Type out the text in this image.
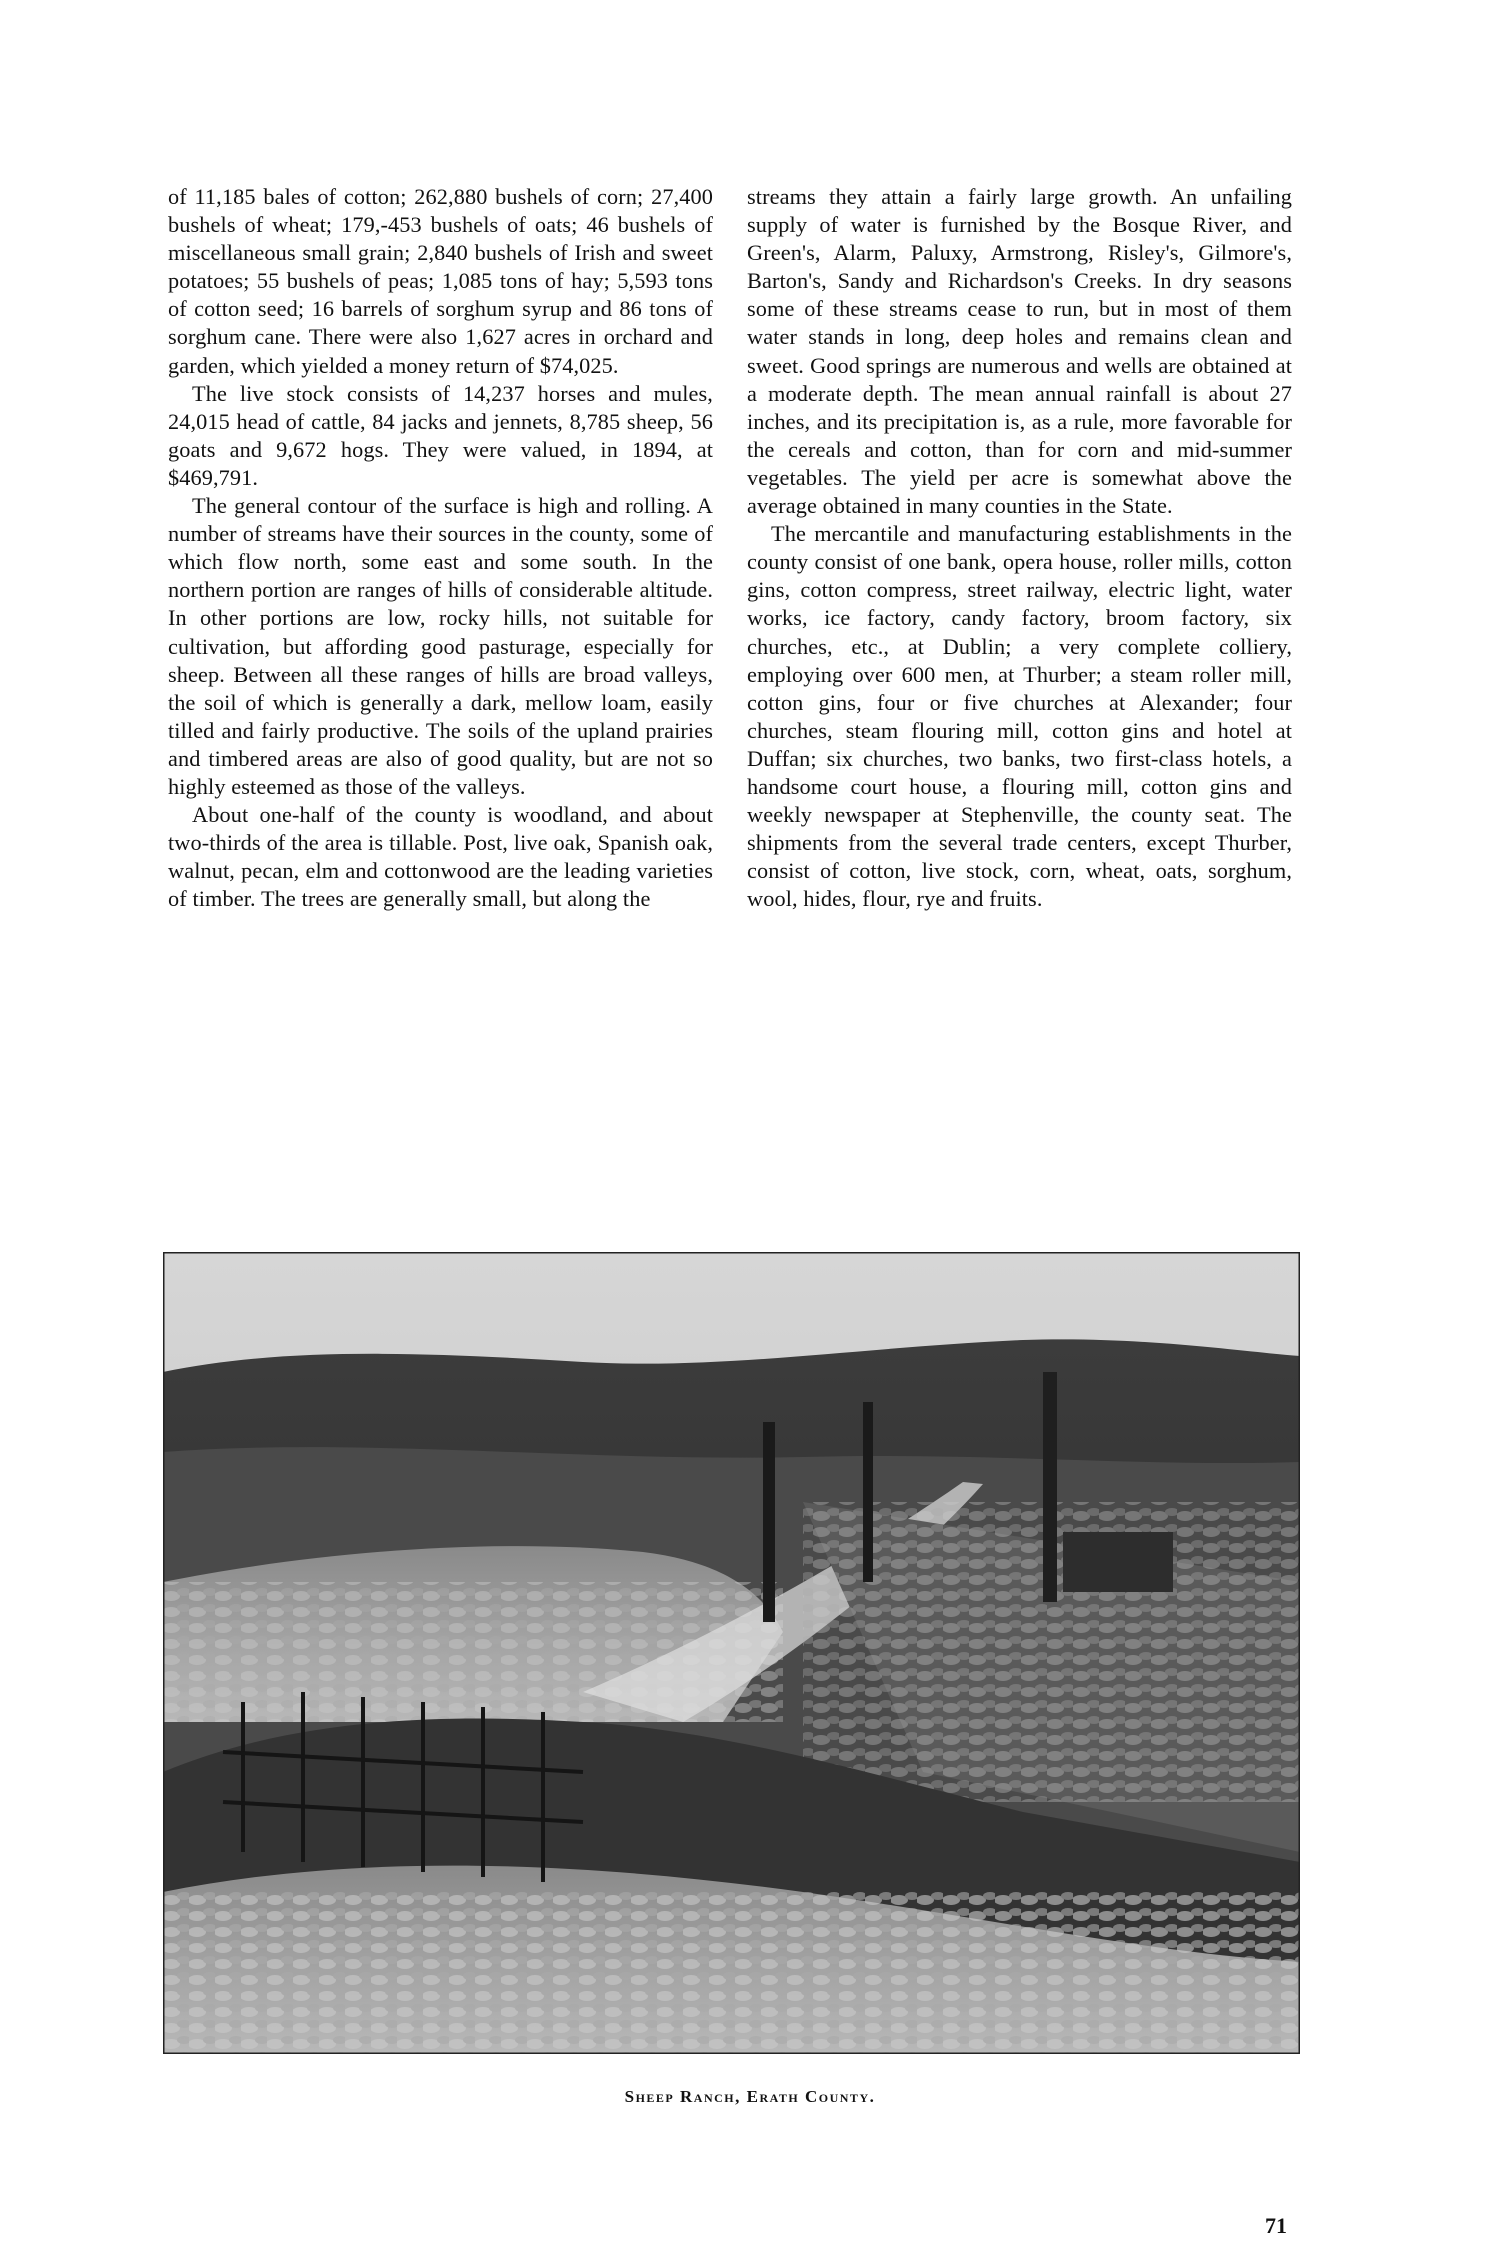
of 11,185 bales of cotton; 262,880 bushels of corn; 27,400 bushels of wheat; 179,-453 bushels of oats; 46 bushels of miscellaneous small grain; 2,840 bushels of Irish and sweet potatoes; 55 bushels of peas; 1,085 tons of hay; 5,593 tons of cotton seed; 16 barrels of sorghum syrup and 86 tons of sorghum cane. There were also 1,627 acres in orchard and garden, which yielded a money return of $74,025.

The live stock consists of 14,237 horses and mules, 24,015 head of cattle, 84 jacks and jennets, 8,785 sheep, 56 goats and 9,672 hogs. They were valued, in 1894, at $469,791.

The general contour of the surface is high and rolling. A number of streams have their sources in the county, some of which flow north, some east and some south. In the northern portion are ranges of hills of considerable altitude. In other portions are low, rocky hills, not suitable for cultivation, but affording good pasturage, especially for sheep. Between all these ranges of hills are broad valleys, the soil of which is generally a dark, mellow loam, easily tilled and fairly productive. The soils of the upland prairies and timbered areas are also of good quality, but are not so highly esteemed as those of the valleys.

About one-half of the county is woodland, and about two-thirds of the area is tillable. Post, live oak, Spanish oak, walnut, pecan, elm and cottonwood are the leading varieties of timber. The trees are generally small, but along the

streams they attain a fairly large growth. An unfailing supply of water is furnished by the Bosque River, and Green's, Alarm, Paluxy, Armstrong, Risley's, Gilmore's, Barton's, Sandy and Richardson's Creeks. In dry seasons some of these streams cease to run, but in most of them water stands in long, deep holes and remains clean and sweet. Good springs are numerous and wells are obtained at a moderate depth. The mean annual rainfall is about 27 inches, and its precipitation is, as a rule, more favorable for the cereals and cotton, than for corn and mid-summer vegetables. The yield per acre is somewhat above the average obtained in many counties in the State.

The mercantile and manufacturing establishments in the county consist of one bank, opera house, roller mills, cotton gins, cotton compress, street railway, electric light, water works, ice factory, candy factory, broom factory, six churches, etc., at Dublin; a very complete colliery, employing over 600 men, at Thurber; a steam roller mill, cotton gins, four or five churches at Alexander; four churches, steam flouring mill, cotton gins and hotel at Duffan; six churches, two banks, two first-class hotels, a handsome court house, a flouring mill, cotton gins and weekly newspaper at Stephenville, the county seat. The shipments from the several trade centers, except Thurber, consist of cotton, live stock, corn, wheat, oats, sorghum, wool, hides, flour, rye and fruits.

Sheep Ranch, Erath County.
71
